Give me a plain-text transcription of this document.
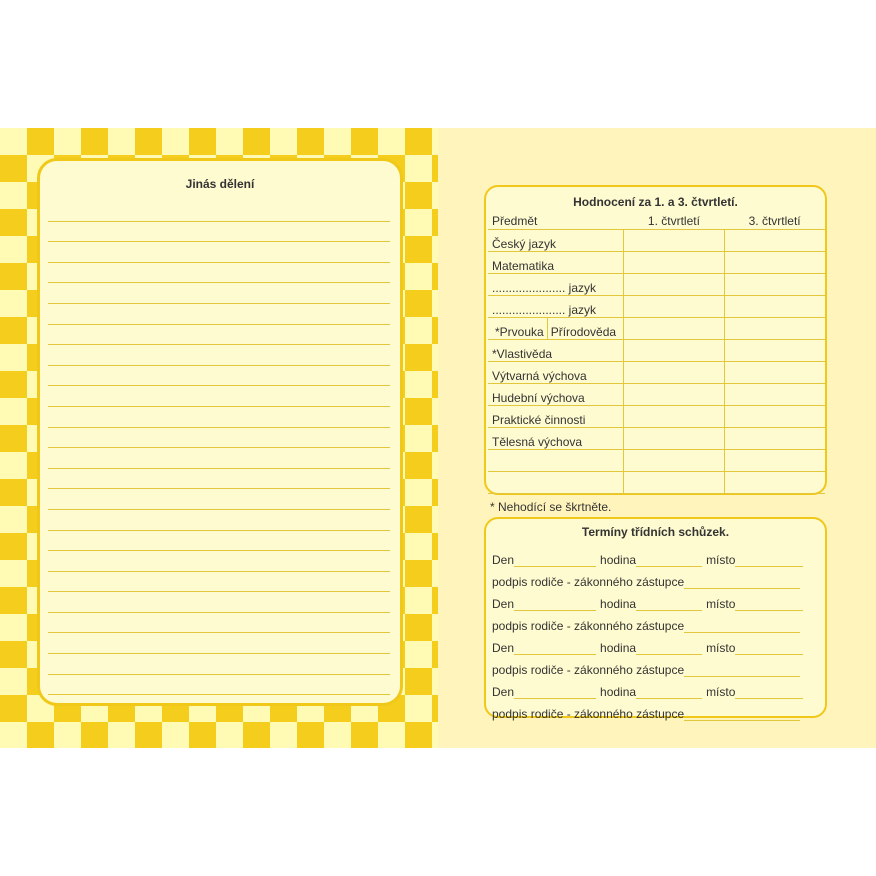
Jinás dělení
Hodnocení za 1. a 3. čtvrtletí.
Předmět	1. čtvrtletí	3. čtvrtletí
Český jazyk		
Matematika		
...................... jazyk		
...................... jazyk		

*Prvouka Přírodověda		

*Vlastivěda		
Výtvarná výchova		
Hudební výchova		
Praktické činnosti		
Tělesná výchova		

* Nehodící se škrtněte.
Termíny třídních schůzek.
Den	hodina	místo
podpis rodiče - zákonného zástupce
Den	hodina	místo
podpis rodiče - zákonného zástupce
Den	hodina	místo
podpis rodiče - zákonného zástupce
Den	hodina	místo
podpis rodiče - zákonného zástupce
